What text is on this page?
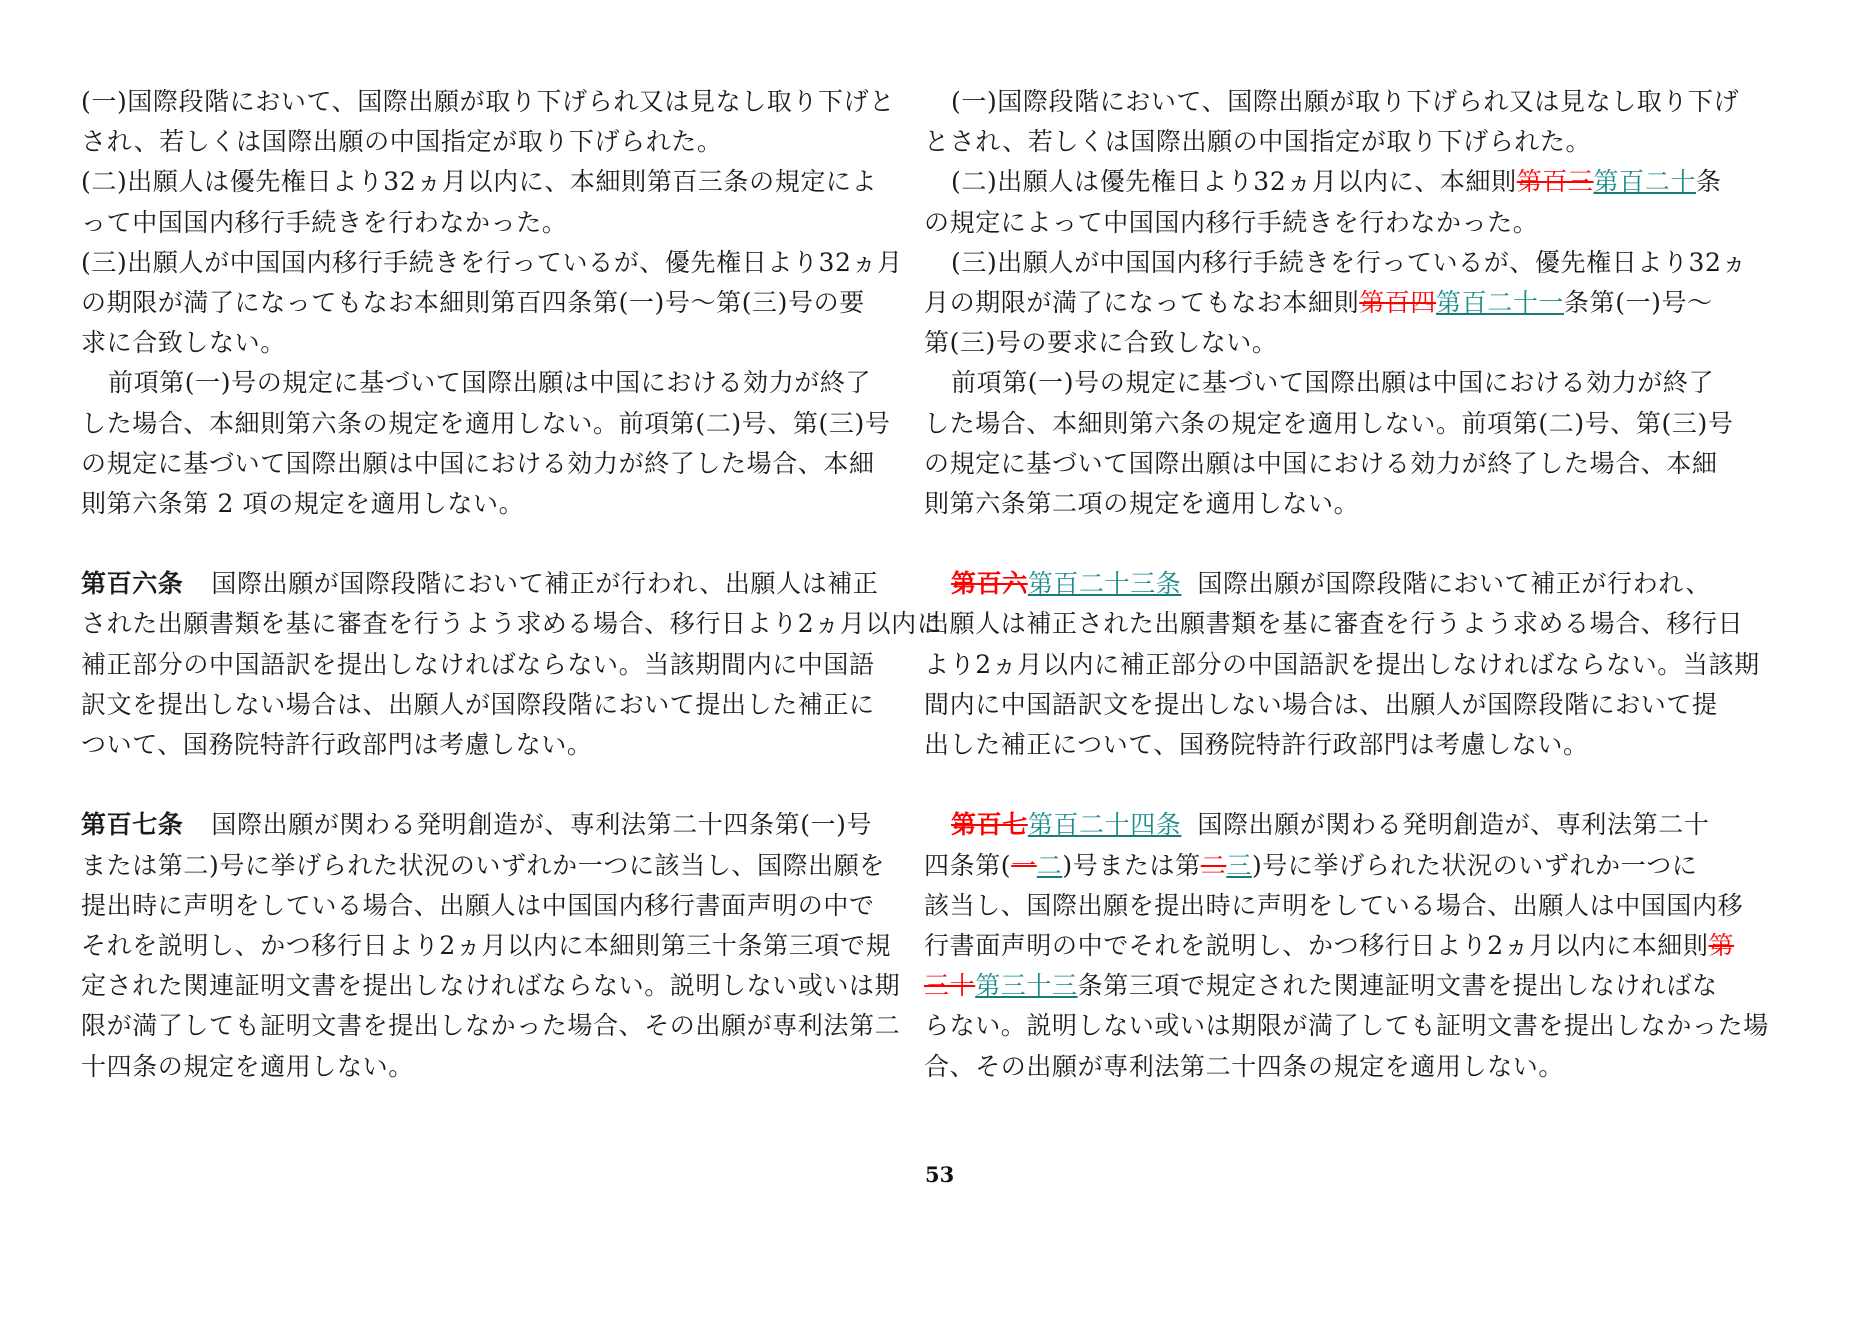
(一)国際段階において、国際出願が取り下げられ又は見なし取り下げと
され、若しくは国際出願の中国指定が取り下げられた。
(二)出願人は優先権日より32ヵ月以内に、本細則第百三条の規定によ
って中国国内移行手続きを行わなかった。
(三)出願人が中国国内移行手続きを行っているが、優先権日より32ヵ月
の期限が満了になってもなお本細則第百四条第(一)号～第(三)号の要
求に合致しない。
前項第(一)号の規定に基づいて国際出願は中国における効力が終了
した場合、本細則第六条の規定を適用しない。前項第(二)号、第(三)号
の規定に基づいて国際出願は中国における効力が終了した場合、本細
則第六条第 2 項の規定を適用しない。
第百六条 国際出願が国際段階において補正が行われ、出願人は補正
された出願書類を基に審査を行うよう求める場合、移行日より2ヵ月以内に
補正部分の中国語訳を提出しなければならない。当該期間内に中国語
訳文を提出しない場合は、出願人が国際段階において提出した補正に
ついて、国務院特許行政部門は考慮しない。
第百七条 国際出願が関わる発明創造が、専利法第二十四条第(一)号
または第二)号に挙げられた状況のいずれか一つに該当し、国際出願を
提出時に声明をしている場合、出願人は中国国内移行書面声明の中で
それを説明し、かつ移行日より2ヵ月以内に本細則第三十条第三項で規
定された関連証明文書を提出しなければならない。説明しない或いは期
限が満了しても証明文書を提出しなかった場合、その出願が専利法第二
十四条の規定を適用しない。
(一)国際段階において、国際出願が取り下げられ又は見なし取り下げ
とされ、若しくは国際出願の中国指定が取り下げられた。
(二)出願人は優先権日より32ヵ月以内に、本細則第百三第百二十条
の規定によって中国国内移行手続きを行わなかった。
(三)出願人が中国国内移行手続きを行っているが、優先権日より32ヵ
月の期限が満了になってもなお本細則第百四第百二十一条第(一)号～
第(三)号の要求に合致しない。
前項第(一)号の規定に基づいて国際出願は中国における効力が終了
した場合、本細則第六条の規定を適用しない。前項第(二)号、第(三)号
の規定に基づいて国際出願は中国における効力が終了した場合、本細
則第六条第二項の規定を適用しない。
第百六第百二十三条 国際出願が国際段階において補正が行われ、
出願人は補正された出願書類を基に審査を行うよう求める場合、移行日
より2ヵ月以内に補正部分の中国語訳を提出しなければならない。当該期
間内に中国語訳文を提出しない場合は、出願人が国際段階において提
出した補正について、国務院特許行政部門は考慮しない。
第百七第百二十四条 国際出願が関わる発明創造が、専利法第二十
四条第(一二)号または第二三)号に挙げられた状況のいずれか一つに
該当し、国際出願を提出時に声明をしている場合、出願人は中国国内移
行書面声明の中でそれを説明し、かつ移行日より2ヵ月以内に本細則第
三十第三十三条第三項で規定された関連証明文書を提出しなければな
らない。説明しない或いは期限が満了しても証明文書を提出しなかった場
合、その出願が専利法第二十四条の規定を適用しない。
53
